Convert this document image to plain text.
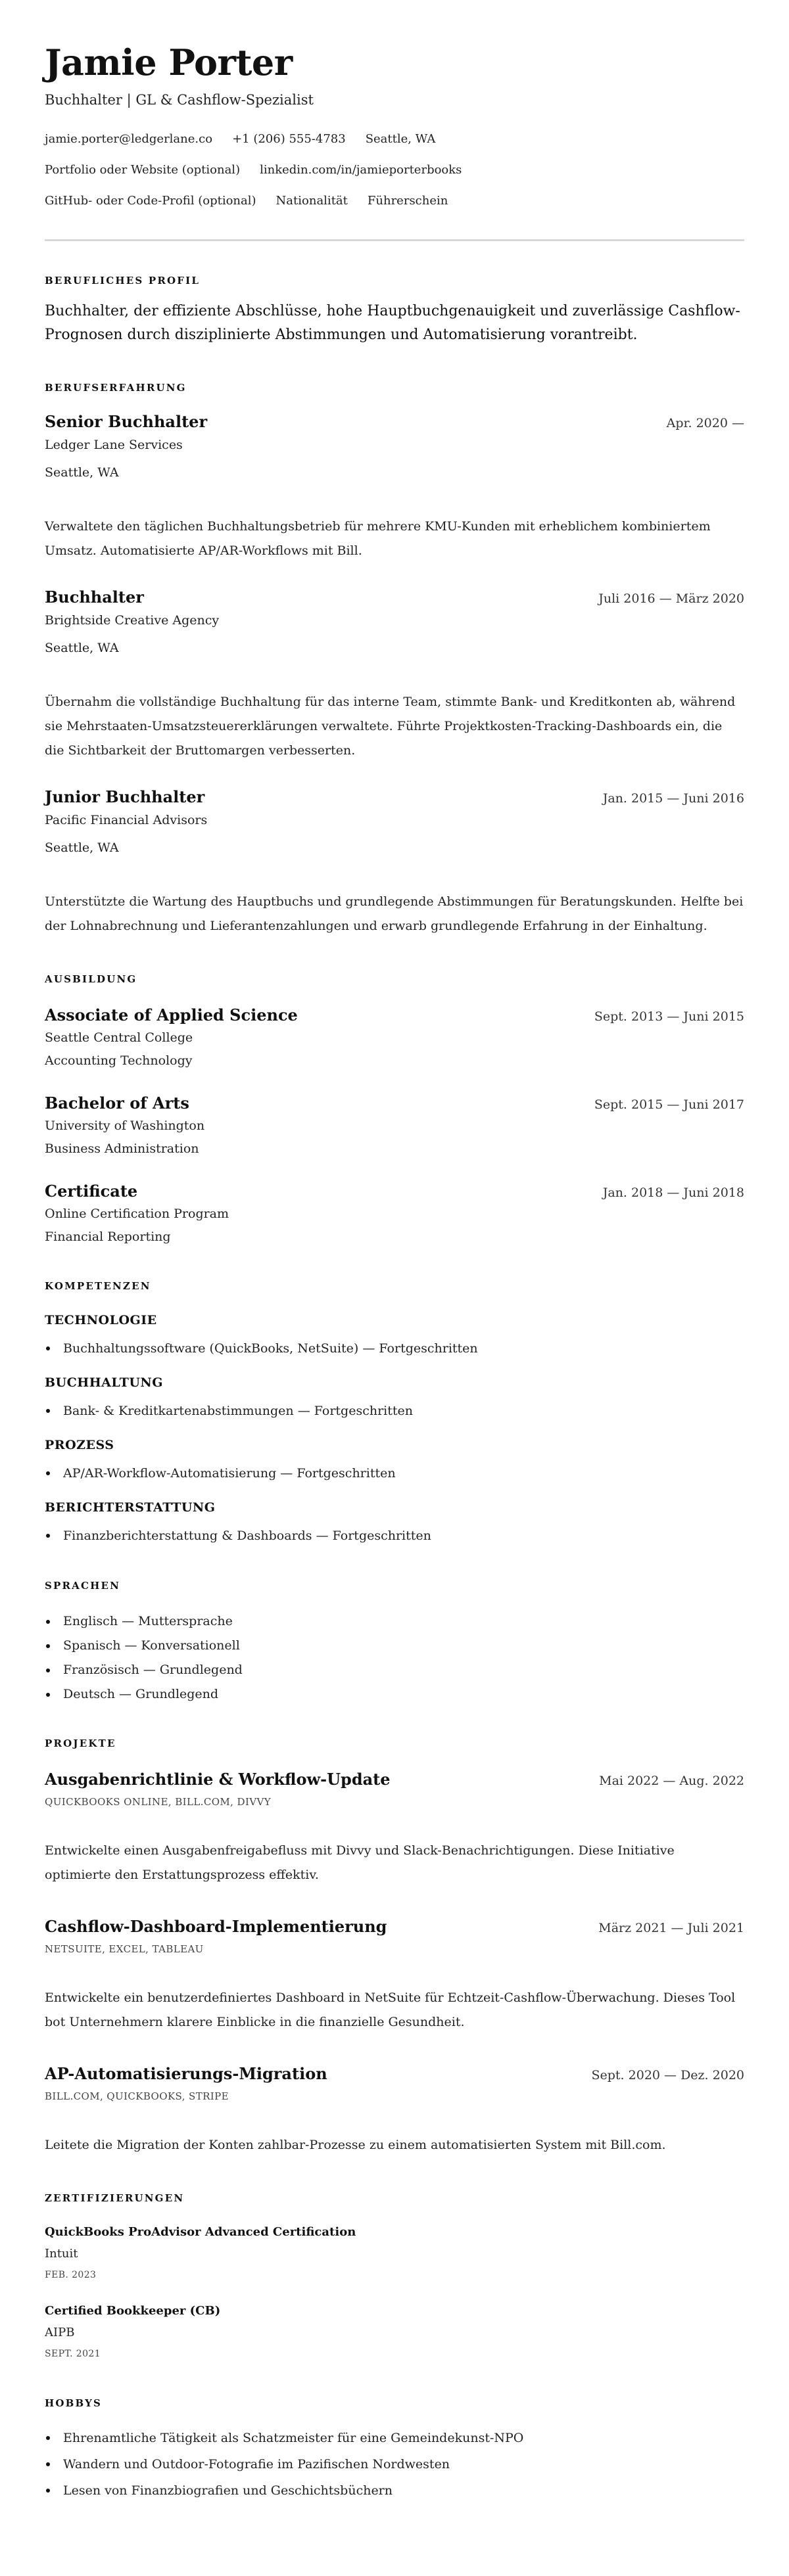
Jamie Porter
Buchhalter | GL & Cashflow-Spezialist
jamie.porter@ledgerlane.co +1 (206) 555-4783 Seattle, WA
Portfolio oder Website (optional) linkedin.com/in/jamieporterbooks
GitHub- oder Code-Profil (optional) Nationalität Führerschein
BERUFLICHES PROFIL

Buchhalter, der effiziente Abschlüsse, hohe Hauptbuchgenauigkeit und zuverlässige Cashflow-Prognosen durch disziplinierte Abstimmungen und Automatisierung vorantreibt.

BERUFSERFAHRUNG
Senior Buchhalter	Apr. 2020 —
Ledger Lane Services
Seattle, WA

Verwaltete den täglichen Buchhaltungsbetrieb für mehrere KMU-Kunden mit erheblichem kombiniertem Umsatz. Automatisierte AP/AR-Workflows mit Bill.

Buchhalter	Juli 2016 — März 2020
Brightside Creative Agency
Seattle, WA

Übernahm die vollständige Buchhaltung für das interne Team, stimmte Bank- und Kreditkonten ab, während sie Mehrstaaten-Umsatzsteuererklärungen verwaltete. Führte Projektkosten-Tracking-Dashboards ein, die die Sichtbarkeit der Bruttomargen verbesserten.

Junior Buchhalter	Jan. 2015 — Juni 2016
Pacific Financial Advisors
Seattle, WA

Unterstützte die Wartung des Hauptbuchs und grundlegende Abstimmungen für Beratungskunden. Helfte bei der Lohnabrechnung und Lieferantenzahlungen und erwarb grundlegende Erfahrung in der Einhaltung.

AUSBILDUNG
Associate of Applied Science	Sept. 2013 — Juni 2015
Seattle Central College
Accounting Technology
Bachelor of Arts	Sept. 2015 — Juni 2017
University of Washington
Business Administration
Certificate	Jan. 2018 — Juni 2018
Online Certification Program
Financial Reporting
KOMPETENZEN
TECHNOLOGIE
Buchhaltungssoftware (QuickBooks, NetSuite) — Fortgeschritten
BUCHHALTUNG
Bank- & Kreditkartenabstimmungen — Fortgeschritten
PROZESS
AP/AR-Workflow-Automatisierung — Fortgeschritten
BERICHTERSTATTUNG
Finanzberichterstattung & Dashboards — Fortgeschritten
SPRACHEN
Englisch — Muttersprache
Spanisch — Konversationell
Französisch — Grundlegend
Deutsch — Grundlegend
PROJEKTE
Ausgabenrichtlinie & Workflow-Update	Mai 2022 — Aug. 2022
QUICKBOOKS ONLINE, BILL.COM, DIVVY

Entwickelte einen Ausgabenfreigabefluss mit Divvy und Slack-Benachrichtigungen. Diese Initiative optimierte den Erstattungsprozess effektiv.

Cashflow-Dashboard-Implementierung	März 2021 — Juli 2021
NETSUITE, EXCEL, TABLEAU

Entwickelte ein benutzerdefiniertes Dashboard in NetSuite für Echtzeit-Cashflow-Überwachung. Dieses Tool bot Unternehmern klarere Einblicke in die finanzielle Gesundheit.

AP-Automatisierungs-Migration	Sept. 2020 — Dez. 2020
BILL.COM, QUICKBOOKS, STRIPE

Leitete die Migration der Konten zahlbar-Prozesse zu einem automatisierten System mit Bill.com.

ZERTIFIZIERUNGEN
QuickBooks ProAdvisor Advanced Certification
Intuit
FEB. 2023
Certified Bookkeeper (CB)
AIPB
SEPT. 2021
HOBBYS
Ehrenamtliche Tätigkeit als Schatzmeister für eine Gemeindekunst-NPO
Wandern und Outdoor-Fotografie im Pazifischen Nordwesten
Lesen von Finanzbiografien und Geschichtsbüchern
